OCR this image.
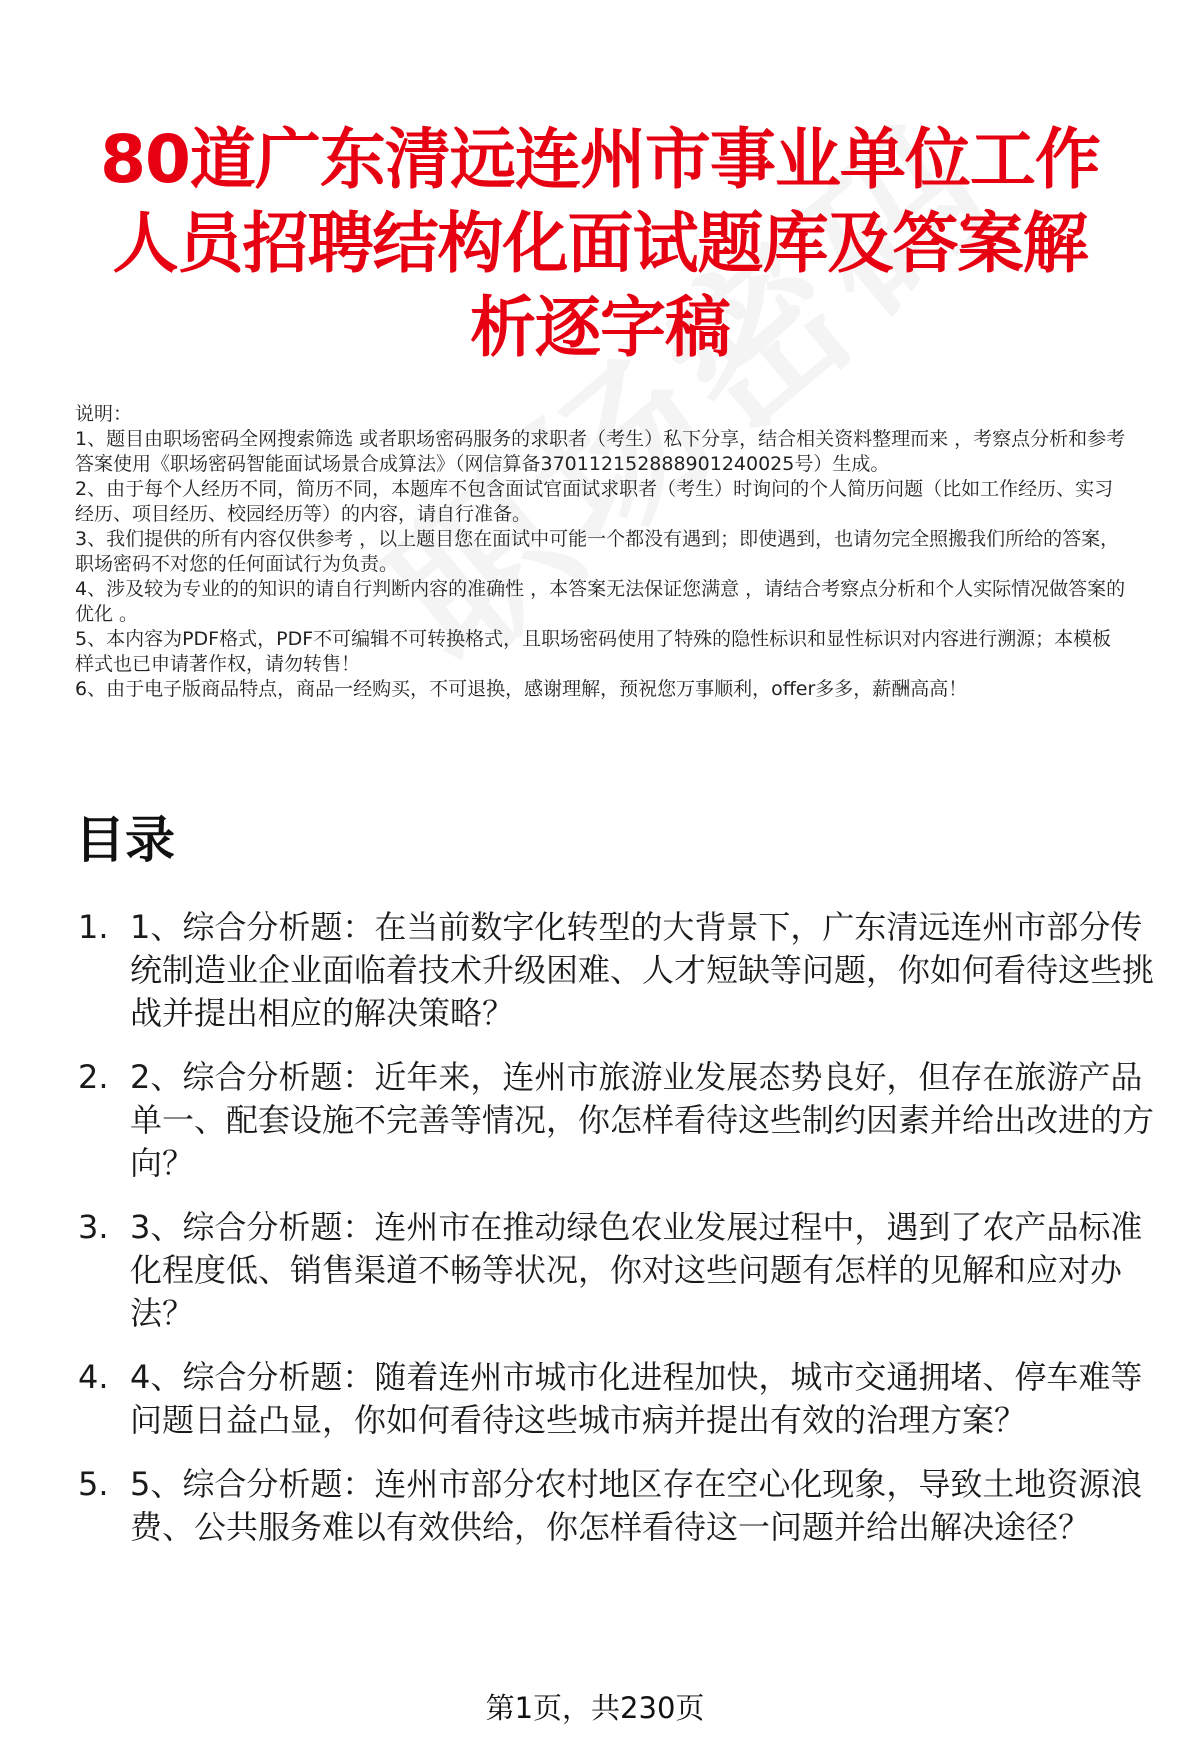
80道广东清远连州市事业单位工作人员招聘结构化面试题库及答案解析逐字稿

说明：

1、题目由职场密码全网搜索筛选 或者职场密码服务的求职者（考生）私下分享，结合相关资料整理而来 ，考察点分析和参考答案使用《职场密码智能面试场景合成算法》（网信算备370112152888901240025号）生成。

2、由于每个人经历不同，简历不同，本题库不包含面试官面试求职者（考生）时询问的个人简历问题（比如工作经历、实习经历、项目经历、校园经历等）的内容，请自行准备。

3、我们提供的所有内容仅供参考 ，以上题目您在面试中可能一个都没有遇到；即使遇到，也请勿完全照搬我们所给的答案，职场密码不对您的任何面试行为负责。

4、涉及较为专业的的知识的请自行判断内容的准确性 ，本答案无法保证您满意 ，请结合考察点分析和个人实际情况做答案的优化 。

5、本内容为PDF格式，PDF不可编辑不可转换格式，且职场密码使用了特殊的隐性标识和显性标识对内容进行溯源；本模板样式也已申请著作权，请勿转售！

6、由于电子版商品特点，商品一经购买，不可退换，感谢理解，预祝您万事顺利，offer多多，薪酬高高！

目录
1. 1、综合分析题：在当前数字化转型的大背景下，广东清远连州市部分传统制造业企业面临着技术升级困难、人才短缺等问题，你如何看待这些挑战并提出相应的解决策略？
2. 2、综合分析题：近年来，连州市旅游业发展态势良好，但存在旅游产品单一、配套设施不完善等情况，你怎样看待这些制约因素并给出改进的方向？
3. 3、综合分析题：连州市在推动绿色农业发展过程中，遇到了农产品标准化程度低、销售渠道不畅等状况，你对这些问题有怎样的见解和应对办法？
4. 4、综合分析题：随着连州市城市化进程加快，城市交通拥堵、停车难等问题日益凸显，你如何看待这些城市病并提出有效的治理方案？
5. 5、综合分析题：连州市部分农村地区存在空心化现象，导致土地资源浪费、公共服务难以有效供给，你怎样看待这一问题并给出解决途径？
第1页，共230页
